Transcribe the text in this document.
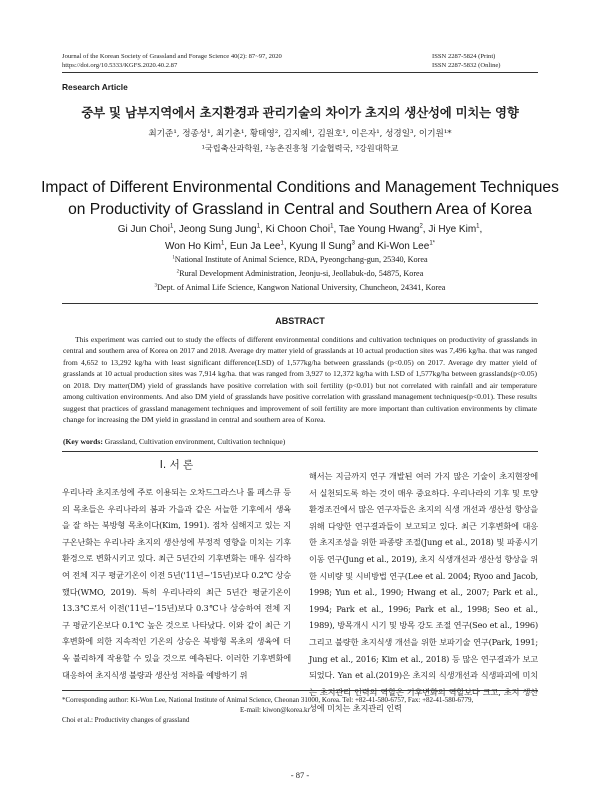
Journal of the Korean Society of Grassland and Forage Science 40(2): 87~97, 2020
https://doi.org/10.5333/KGFS.2020.40.2.87
ISSN 2287-5824 (Print)
ISSN 2287-5832 (Online)
Research Article
중부 및 남부지역에서 초지환경과 관리기술의 차이가 초지의 생산성에 미치는 영향
최기준¹, 정종성¹, 최기춘¹, 황태영², 김지혜¹, 김원호¹, 이은자¹, 성경일³, 이기원¹*
¹국립축산과학원, ²농촌진흥청 기술협력국, ³강원대학교
Impact of Different Environmental Conditions and Management Techniques
on Productivity of Grassland in Central and Southern Area of Korea
Gi Jun Choi$^1$, Jeong Sung Jung$^1$, Ki Choon Choi$^1$, Tae Young Hwang$^2$, Ji Hye Kim$^1$,
Won Ho Kim$^1$, Eun Ja Lee$^1$, Kyung Il Sung$^3$ and Ki-Won Lee$^{1*}$
$^1$National Institute of Animal Science, RDA, Pyeongchang-gun, 25340, Korea
$^2$Rural Development Administration, Jeonju-si, Jeollabuk-do, 54875, Korea
$^3$Dept. of Animal Life Science, Kangwon National University, Chuncheon, 24341, Korea
ABSTRACT
This experiment was carried out to study the effects of different environmental conditions and cultivation techniques on productivity of grasslands in central and southern area of Korea on 2017 and 2018. Average dry matter yield of grasslands at 10 actual production sites was 7,496 kg/ha. that was ranged from 4,652 to 13,292 kg/ha with least significant difference(LSD) of 1,577kg/ha between grasslands (p<0.05) on 2017. Average dry matter yield of grasslands at 10 actual production sites was 7,914 kg/ha. that was ranged from 3,927 to 12,372 kg/ha with LSD of 1,577kg/ha between grasslands(p<0.05) on 2018. Dry matter(DM) yield of grasslands have positive correlation with soil fertility (p<0.01) but not correlated with rainfall and air temperature among cultivation environments. And also DM yield of grasslands have positive correlation with grassland management techniques(p<0.01). These results suggest that practices of grassland management techniques and improvement of soil fertility are more important than cultivation environments by climate change for increasing the DM yield in grassland in central and southern area of Korea.
(Key words: Grassland, Cultivation environment, Cultivation technique)
Ⅰ. 서 론
우리나라 초지조성에 주로 이용되는 오차드그라스나 톨 페스큐 등의 목초들은 우리나라의 봄과 가을과 같은 서늘한 기후에서 생육을 잘 하는 북방형 목초이다(Kim, 1991). 점차 심해지고 있는 지구온난화는 우리나라 초지의 생산성에 부정적 영향을 미치는 기후환경으로 변화시키고 있다. 최근 5년간의 기후변화는 매우 심각하여 전체 지구 평균기온이 이전 5년('11년~'15년)보다 0.2℃ 상승했다(WMO, 2019). 특히 우리나라의 최근 5년간 평균기온이 13.3℃로서 이전('11년~'15년)보다 0.3℃나 상승하여 전체 지구 평균기온보다 0.1℃ 높은 것으로 나타났다. 이와 같이 최근 기후변화에 의한 지속적인 기온의 상승은 북방형 목초의 생육에 더욱 불리하게 작용할 수 있을 것으로 예측된다. 이러한 기후변화에 대응하여 초지식생 불량과 생산성 저하를 예방하기 위
해서는 지금까지 연구 개발된 여러 가지 많은 기술이 초지현장에서 실천되도록 하는 것이 매우 중요하다. 우리나라의 기후 및 토양환경조건에서 많은 연구자들은 초지의 식생 개선과 생산성 향상을 위해 다양한 연구결과들이 보고되고 있다. 최근 기후변화에 대응한 초지조성을 위한 파종량 조절(Jung et al., 2018) 및 파종시기 이동 연구(Jung et al., 2019), 초지 식생개선과 생산성 향상을 위한 시비량 및 시비방법 연구(Lee et al. 2004; Ryoo and Jacob, 1998; Yun et al., 1990; Hwang et al., 2007; Park et al., 1994; Park et al., 1996; Park et al., 1998; Seo et al., 1989), 방목개시 시기 및 방목 강도 조절 연구(Seo et al., 1996) 그리고 불량한 초지식생 개선을 위한 보파기술 연구(Park, 1991; Jung et al., 2016; Kim et al., 2018) 등 많은 연구결과가 보고되었다. Yan et al.(2019)은 초지의 식생개선과 식생파괴에 미치는 초지관리 인력의 역할은 기후변화의 역할보다 크고, 초지 생산성에 미치는 초지관리 인력
*Corresponding author: Ki-Won Lee, National Institute of Animal Science, Cheonan 31000, Korea. Tel: +82-41-580-6757, Fax: +82-41-580-6779,
E-mail: kiwon@korea.kr
Choi et al.: Productivity changes of grassland
- 87 -
